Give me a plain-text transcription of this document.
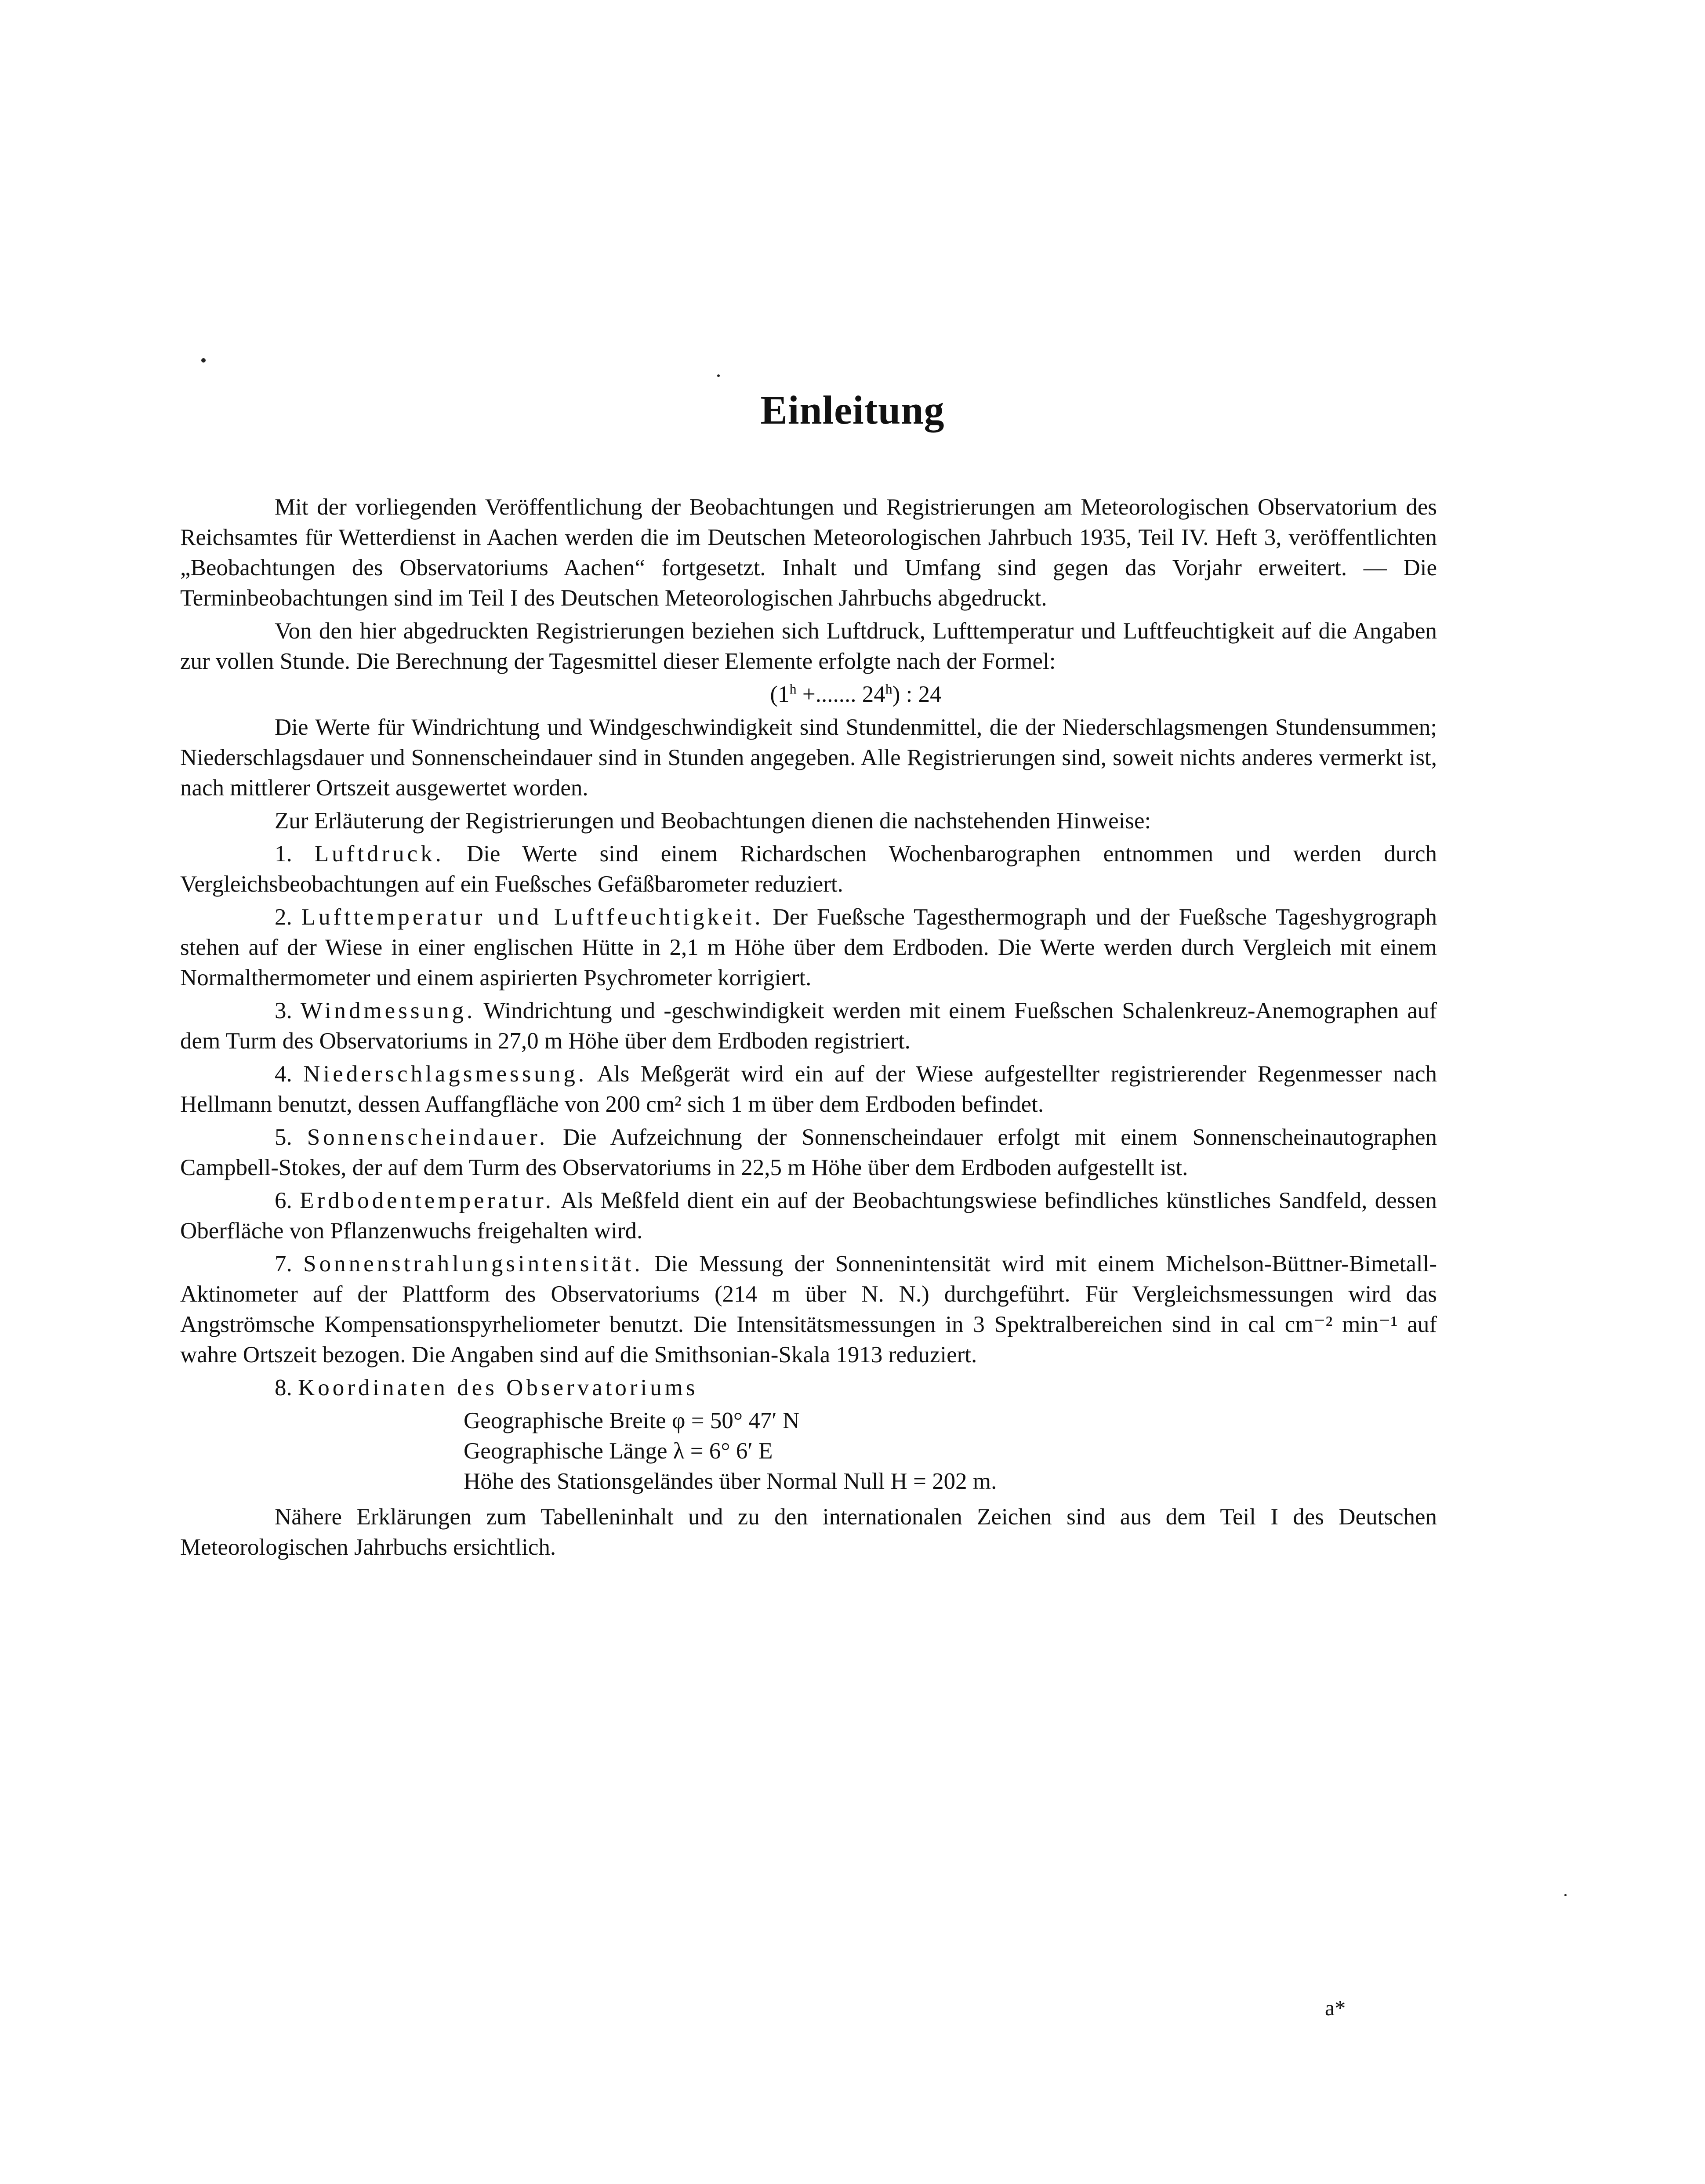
Einleitung

Mit der vorliegenden Veröffentlichung der Beobachtungen und Registrierungen am Meteorologischen Observatorium des Reichsamtes für Wetterdienst in Aachen werden die im Deutschen Meteorologischen Jahrbuch 1935, Teil IV. Heft 3, veröffentlichten „Beobachtungen des Observatoriums Aachen“ fortgesetzt. Inhalt und Umfang sind gegen das Vorjahr erweitert. — Die Terminbeobachtungen sind im Teil I des Deutschen Meteorologischen Jahrbuchs abgedruckt.

Von den hier abgedruckten Registrierungen beziehen sich Luftdruck, Lufttemperatur und Luftfeuchtigkeit auf die Angaben zur vollen Stunde. Die Berechnung der Tagesmittel dieser Elemente erfolgte nach der Formel:

($1^h$ +....... 24$^h$) : 24

Die Werte für Windrichtung und Windgeschwindigkeit sind Stundenmittel, die der Niederschlagsmengen Stundensummen; Niederschlagsdauer und Sonnenscheindauer sind in Stunden angegeben. Alle Registrierungen sind, soweit nichts anderes vermerkt ist, nach mittlerer Ortszeit ausgewertet worden.

Zur Erläuterung der Registrierungen und Beobachtungen dienen die nachstehenden Hinweise:

1. Luftdruck. Die Werte sind einem Richardschen Wochenbarographen entnommen und werden durch Vergleichsbeobachtungen auf ein Fueßsches Gefäßbarometer reduziert.

2. Lufttemperatur und Luftfeuchtigkeit. Der Fueßsche Tagesthermograph und der Fueßsche Tageshygrograph stehen auf der Wiese in einer englischen Hütte in 2,1 m Höhe über dem Erdboden. Die Werte werden durch Vergleich mit einem Normalthermometer und einem aspirierten Psychrometer korrigiert.

3. Windmessung. Windrichtung und -geschwindigkeit werden mit einem Fueßschen Schalenkreuz-Anemographen auf dem Turm des Observatoriums in 27,0 m Höhe über dem Erdboden registriert.

4. Niederschlagsmessung. Als Meßgerät wird ein auf der Wiese aufgestellter registrierender Regenmesser nach Hellmann benutzt, dessen Auffangfläche von 200 cm² sich 1 m über dem Erdboden befindet.

5. Sonnenscheindauer. Die Aufzeichnung der Sonnenscheindauer erfolgt mit einem Sonnenscheinautographen Campbell-Stokes, der auf dem Turm des Observatoriums in 22,5 m Höhe über dem Erdboden aufgestellt ist.

6. Erdbodentemperatur. Als Meßfeld dient ein auf der Beobachtungswiese befindliches künstliches Sandfeld, dessen Oberfläche von Pflanzenwuchs freigehalten wird.

7. Sonnenstrahlungsintensität. Die Messung der Sonnenintensität wird mit einem Michelson-Büttner-Bimetall-Aktinometer auf der Plattform des Observatoriums (214 m über N. N.) durchgeführt. Für Vergleichsmessungen wird das Angströmsche Kompensationspyrheliometer benutzt. Die Intensitätsmessungen in 3 Spektralbereichen sind in cal cm⁻² min⁻¹ auf wahre Ortszeit bezogen. Die Angaben sind auf die Smithsonian-Skala 1913 reduziert.

8. Koordinaten des Observatoriums

Geographische Breite φ = 50° 47′ N
Geographische Länge λ = 6° 6′ E
Höhe des Stationsgeländes über Normal Null H = 202 m.

Nähere Erklärungen zum Tabelleninhalt und zu den internationalen Zeichen sind aus dem Teil I des Deutschen Meteorologischen Jahrbuchs ersichtlich.

a*
